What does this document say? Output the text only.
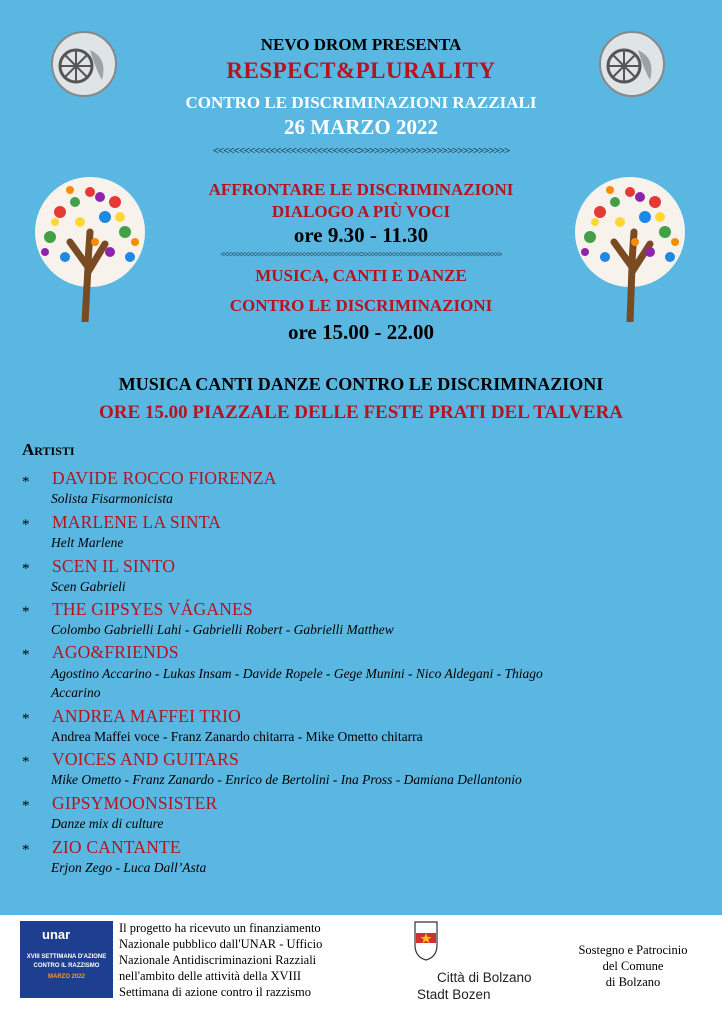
NEVO DROM PRESENTA
RESPECT&PLURALITY
CONTRO LE DISCRIMINAZIONI RAZZIALI
26 MARZO 2022
<<<<<<<<<<<<<<<<<<<<<<<<<<<<>>>>>>>>>>>>>>>>>>>>>>>>>>>>>
AFFRONTARE LE DISCRIMINAZIONI
DIALOGO A PIÙ VOCI
ore 9.30 - 11.30
<<<<<<<<<<<<<<<<<<<<<<<<<<<<<<<<<<<<<<<<>>>>>>>>>>>>>>>>>>>>>>>>>>>>>>>>>>>>>>>>
MUSICA, CANTI E DANZE
CONTRO LE DISCRIMINAZIONI
ore 15.00 - 22.00
MUSICA CANTI DANZE CONTRO LE DISCRIMINAZIONI
ORE 15.00 PIAZZALE DELLE FESTE PRATI DEL TALVERA
Artisti
* DAVIDE ROCCO FIORENZA
Solista Fisarmonicista
* MARLENE LA SINTA
Helt Marlene
* SCEN IL SINTO
Scen Gabrieli
* THE GIPSYES VÁGANES
Colombo Gabrielli Lahi - Gabrielli Robert - Gabrielli Matthew
* AGO&FRIENDS
Agostino Accarino - Lukas Insam - Davide Ropele - Gege Munini - Nico Aldegani - Thiago
Accarino
* ANDREA MAFFEI TRIO
Andrea Maffei voce - Franz Zanardo chitarra - Mike Ometto chitarra
* VOICES AND GUITARS
Mike Ometto - Franz Zanardo - Enrico de Bertolini - Ina Pross - Damiana Dellantonio
* GIPSYMOONSISTER
Danze mix di culture
* ZIO CANTANTE
Erjon Zego - Luca Dall’Asta
unar
XVIII SETTIMANA D'AZIONE
CONTRO IL RAZZISMO
MARZO 2022
Il progetto ha ricevuto un finanziamento
Nazionale pubblico dall'UNAR - Ufficio
Nazionale Antidiscriminazioni Razziali
nell'ambito delle attività della XVIII
Settimana di azione contro il razzismo
Città di Bolzano
Stadt Bozen
Sostegno e Patrocinio
del Comune
di Bolzano
